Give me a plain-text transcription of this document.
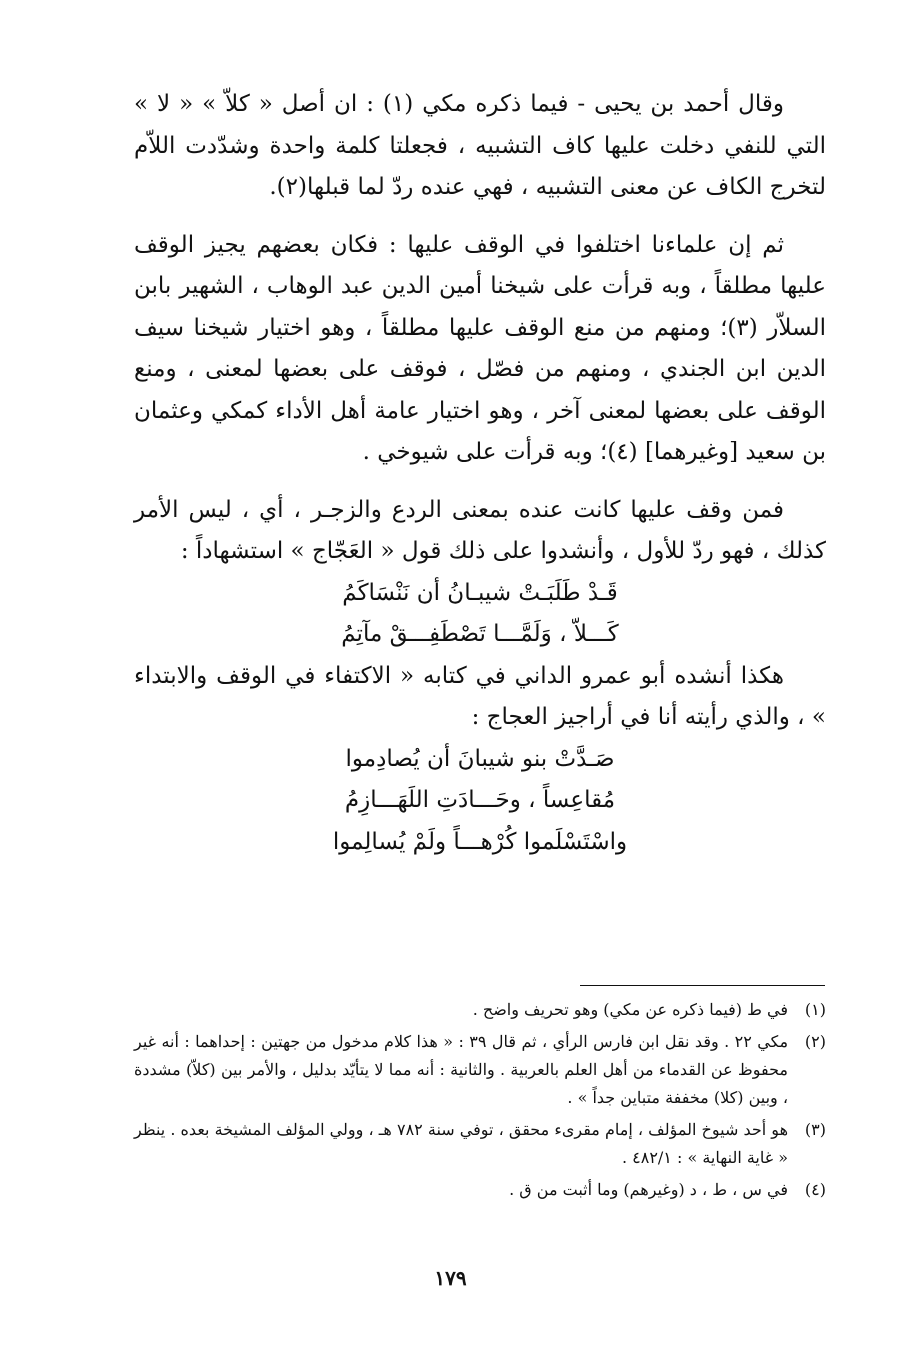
وقال أحمد بن يحيى - فيما ذكره مكي (١) : ان أصل « كلاّ » « لا » التي للنفي دخلت عليها كاف التشبيه ، فجعلتا كلمة واحدة وشدّدت اللاّم لتخرج الكاف عن معنى التشبيه ، فهي عنده ردّ لما قبلها(٢).

ثم إن علماءنا اختلفوا في الوقف عليها : فكان بعضهم يجيز الوقف عليها مطلقاً ، وبه قرأت على شيخنا أمين الدين عبد الوهاب ، الشهير بابن السلاّر (٣)؛ ومنهم من منع الوقف عليها مطلقاً ، وهو اختيار شيخنا سيف الدين ابن الجندي ، ومنهم من فصّل ، فوقف على بعضها لمعنى ، ومنع الوقف على بعضها لمعنى آخر ، وهو اختيار عامة أهل الأداء كمكي وعثمان بن سعيد [وغيرهما] (٤)؛ وبه قرأت على شيوخي .

فمن وقف عليها كانت عنده بمعنى الردع والزجـر ، أي ، ليس الأمر كذلك ، فهو ردّ للأول ، وأنشدوا على ذلك قول « العَجّاج » استشهاداً :

قَـدْ طَلَبَـتْ شيبـانُ أن نَنْسَاكَمُ

كَـــلاّ ، وَلَمَّـــا تَصْطَفِـــقْ مآتِمُ

هكذا أنشده أبو عمرو الداني في كتابه « الاكتفاء في الوقف والابتداء » ، والذي رأيته أنا في أراجيز العجاج :

صَـدَّتْ بنو شيبانَ أن يُصادِموا

مُقاعِساً ، وحَـــادَتِ اللَهَـــازِمُ

واسْتَسْلَموا كُرْهـــاً ولَمْ يُسالِموا

(١)
في ط (فيما ذكره عن مكي) وهو تحريف واضح .
(٢)
مكي ٢٢ . وقد نقل ابن فارس الرأي ، ثم قال ٣٩ : « هذا كلام مدخول من جهتين : إحداهما : أنه غير محفوظ عن القدماء من أهل العلم بالعربية . والثانية : أنه مما لا يتأيّد بدليل ، والأمر بين (كلاّ) مشددة ، وبين (كلا) مخففة متباين جداً » .
(٣)
هو أحد شيوخ المؤلف ، إمام مقرىء محقق ، توفي سنة ٧٨٢ هـ ، وولي المؤلف المشيخة بعده . ينظر « غاية النهاية » : ٤٨٢/١ .
(٤)
في س ، ط ، د (وغيرهم) وما أثبت من ق .
١٧٩
